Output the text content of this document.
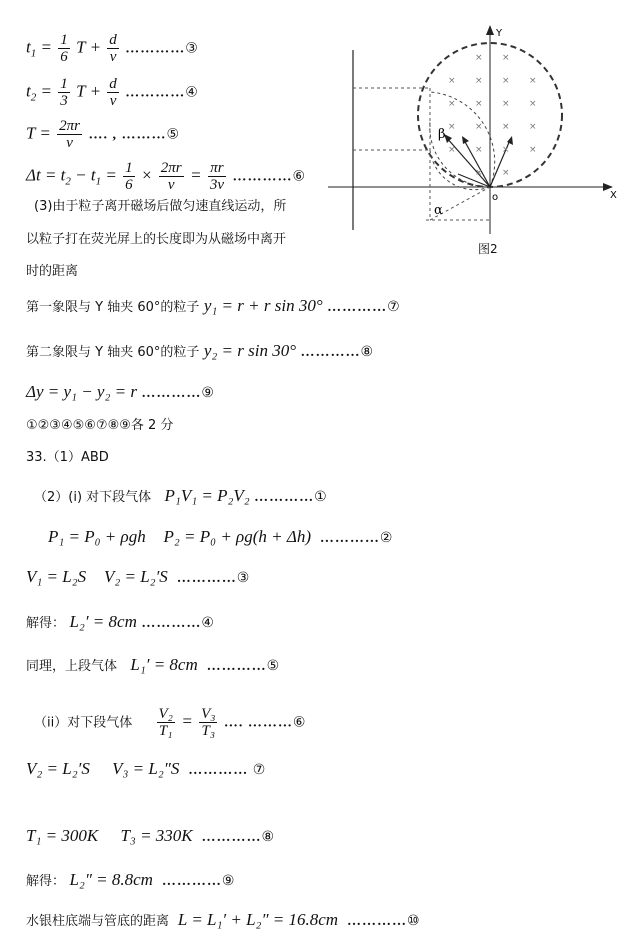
$t_1 = \frac{1}{6}$ $T + \frac{d}{v}$ …………③
$t_2 = \frac{1}{3}$ $T + \frac{d}{v}$ …………④
$T = \frac{2\pi r}{v}$ …. , ………⑤
$\Delta t = t_2 - t_1 = \frac{1}{6} \times \frac{2\pi r}{v} = \frac{\pi r}{3v}$ …………⑥
(3)由于粒子离开磁场后做匀速直线运动，所
以粒子打在荧光屏上的长度即为从磁场中离开
时的距离
第一象限与 Y 轴夹 60°的粒子 y₁ = r + r sin 30° …………⑦
第二象限与 Y 轴夹 60°的粒子 y₂ = r sin 30° …………⑧
Δy = y₁ − y₂ = r …………⑨
①②③④⑤⑥⑦⑧⑨各 2 分
33.（1）ABD
（2）(i) 对下段气体 P₁V₁ = P₂V₂ …………①
P₁ = P₀ + ρgh P₂ = P₀ + ρg(h + Δh) …………②
V₁ = L₂S V₂ = L₂′S …………③
解得： L₂′ = 8cm …………④
同理，上段气体 L₁′ = 8cm …………⑤
（ii）对下段气体 $\frac{\text{V₂}}{\text{T₁}} = \frac{\text{V₃}}{\text{T₃}}$ …. ………⑥
V₂ = L₂′S V₃ = L₂″S ………… ⑦
T₁ = 300K T₃ = 330K …………⑧
解得： L₂″ = 8.8cm …………⑨
水银柱底端与管底的距离 L = L₁′ + L₂″ = 16.8cm …………⑩
Y
X
o
β
α
× ×
× × × ×
× × × ×
× × × ×
× × × ×
× ×
图2
